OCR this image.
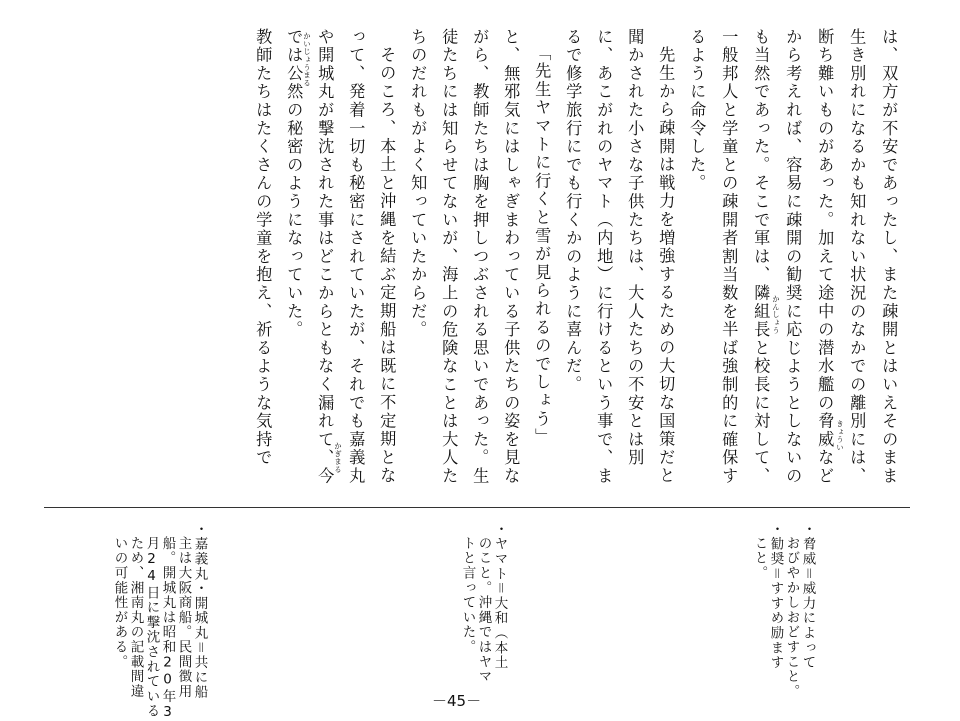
は、双方が不安であったし、また疎開とはいえそのまま
生き別れになるかも知れない状況のなかでの離別には、
断ち難いものがあった。加えて途中の潜水艦の脅威など
から考えれば、容易に疎開の勧奨に応じようとしないの
も当然であった。そこで軍は、隣組長と校長に対して、
一般邦人と学童との疎開者割当数を半ば強制的に確保す
るように命令した。
先生から疎開は戦力を増強するための大切な国策だと
聞かされた小さな子供たちは、大人たちの不安とは別
に、あこがれのヤマト（内地）に行けるという事で、ま
るで修学旅行にでも行くかのように喜んだ。
「先生ヤマトに行くと雪が見られるのでしょう」
と、無邪気にはしゃぎまわっている子供たちの姿を見な
がら、教師たちは胸を押しつぶされる思いであった。生
徒たちには知らせてないが、海上の危険なことは大人た
ちのだれもがよく知っていたからだ。
そのころ、本土と沖縄を結ぶ定期船は既に不定期とな
って、発着一切も秘密にされていたが、それでも嘉義丸
や開城丸が撃沈された事はどこからともなく漏れて、今
では公然の秘密のようになっていた。
教師たちはたくさんの学童を抱え、祈るような気持で	きょうい
かんしょう
かぎまる
かいじょうまる
・脅威＝威力によって
おびやかしおどすこと。
・勧奨＝すすめ励ます
こと。
・ヤマト＝大和（本土
のこと。沖縄ではヤマ
トと言っていた。
・嘉義丸・開城丸＝共に船
主は大阪商船。民間徴用
船。開城丸は昭和20年3
月24日に撃沈されている
ため、湘南丸の記載間違
いの可能性がある。
－45－
